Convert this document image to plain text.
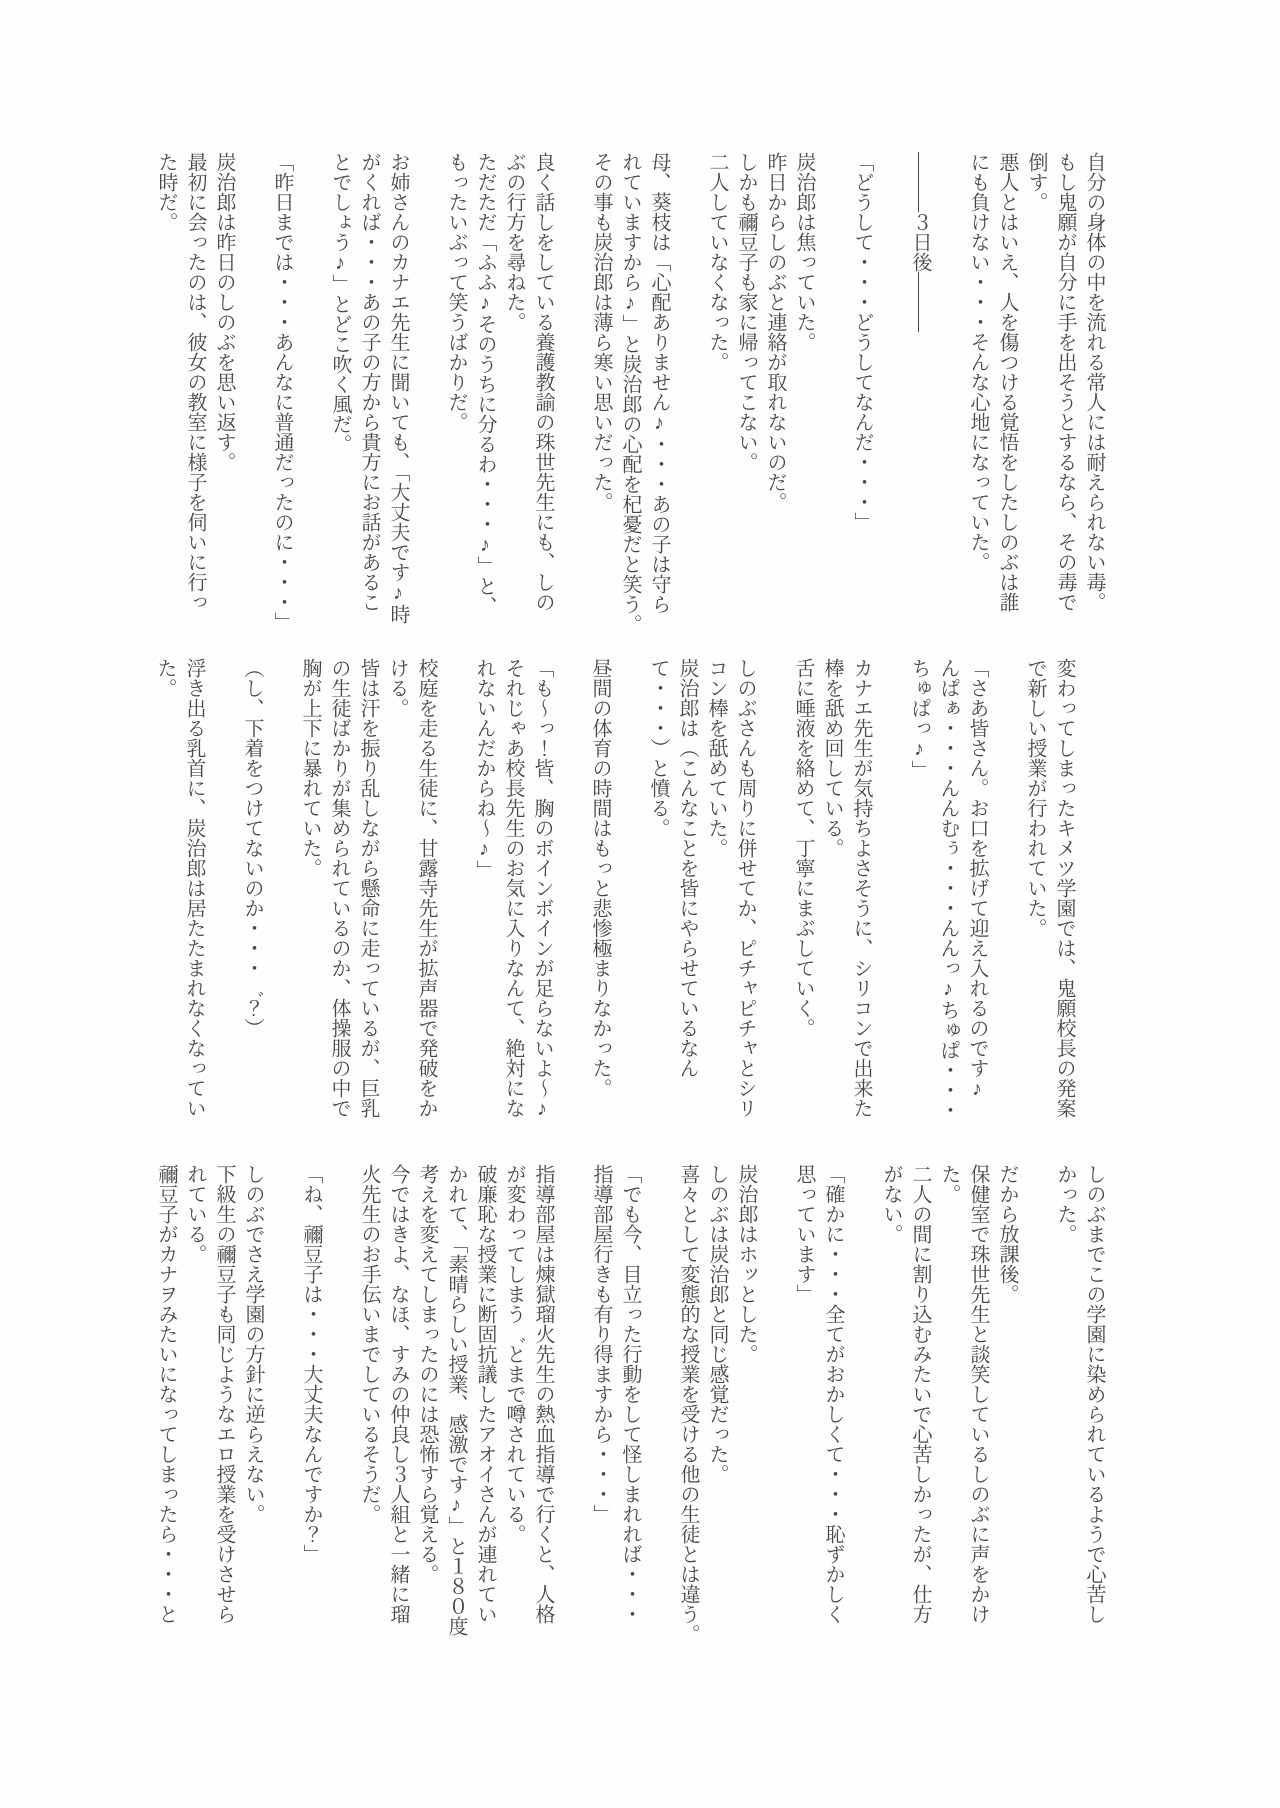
自分の身体の中を流れる常人には耐えられない毒。

もし鬼願が自分に手を出そうとするなら、その毒で

倒す。

悪人とはいえ、人を傷つける覚悟をしたしのぶは誰

にも負けない・・・そんな心地になっていた。

―――３日後―――

「どうして・・・どうしてなんだ・・・」

炭治郎は焦っていた。

昨日からしのぶと連絡が取れないのだ。

しかも禰豆子も家に帰ってこない。

二人していなくなった。

母、葵枝は「心配ありません♪・・・あの子は守ら

れていますから♪」と炭治郎の心配を杞憂だと笑う。

その事も炭治郎は薄ら寒い思いだった。

良く話しをしている養護教諭の珠世先生にも、しの

ぶの行方を尋ねた。

ただただ「ふふ♪そのうちに分るわ・・・♪」と、

もったいぶって笑うばかりだ。

お姉さんのカナエ先生に聞いても、「大丈夫です♪時

がくれば・・・あの子の方から貴方にお話があるこ

とでしょう♪」とどこ吹く風だ。

「昨日までは・・・あんなに普通だったのに・・・」

炭治郎は昨日のしのぶを思い返す。

最初に会ったのは、彼女の教室に様子を伺いに行っ

た時だ。

変わってしまったキメツ学園では、鬼願校長の発案

で新しい授業が行われていた。

「さあ皆さん。お口を拡げて迎え入れるのです♪

んぱぁ・・・んんむぅ・・・んんっ♪ちゅぱ・・・

ちゅぱっ♪」

カナエ先生が気持ちよさそうに、シリコンで出来た

棒を舐め回している。

舌に唾液を絡めて、丁寧にまぶしていく。

しのぶさんも周りに併せてか、ピチャピチャとシリ

コン棒を舐めていた。

炭治郎は（こんなことを皆にやらせているなん

て・・・）と憤る。

昼間の体育の時間はもっと悲惨極まりなかった。

「も〜っ！皆、胸のボインボインが足らないよ〜♪

それじゃあ校長先生のお気に入りなんて、絶対にな

れないんだからね〜♪」

校庭を走る生徒に、甘露寺先生が拡声器で発破をか

ける。

皆は汗を振り乱しながら懸命に走っているが、巨乳

の生徒ばかりが集められているのか、体操服の中で

胸が上下に暴れていた。

（し、下着をつけてないのか・・・゛？）

浮き出る乳首に、炭治郎は居たたまれなくなってい

た。

しのぶまでこの学園に染められているようで心苦し

かった。

だから放課後。

保健室で珠世先生と談笑しているしのぶに声をかけ

た。

二人の間に割り込むみたいで心苦しかったが、仕方

がない。

「確かに・・・全てがおかしくて・・・恥ずかしく

思っています」

炭治郎はホッとした。

しのぶは炭治郎と同じ感覚だった。

喜々として変態的な授業を受ける他の生徒とは違う。

「でも今、目立った行動をして怪しまれれば・・・

指導部屋行きも有り得ますから・・・」

指導部屋は煉獄瑠火先生の熱血指導で行くと、人格

が変わってしまう゛とまで噂されている。

破廉恥な授業に断固抗議したアオイさんが連れてい

かれて、「素晴らしい授業、感激です♪」と１８０度

考えを変えてしまったのには恐怖すら覚える。

今ではきよ、なほ、すみの仲良し３人組と一緒に瑠

火先生のお手伝いまでしているそうだ。

「ね、禰豆子は・・・大丈夫なんですか？」

しのぶでさえ学園の方針に逆らえない。

下級生の禰豆子も同じようなエロ授業を受けさせら

れている。

禰豆子がカナヲみたいになってしまったら・・・と
